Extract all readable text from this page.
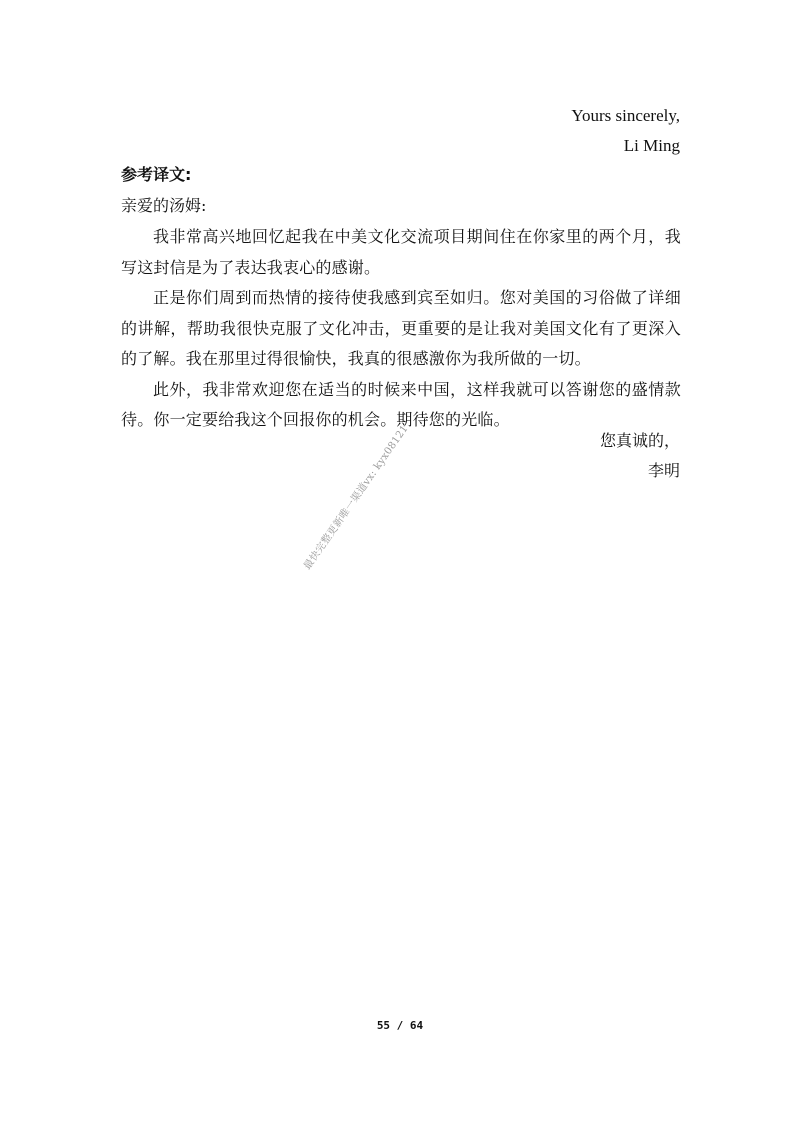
Yours sincerely,
Li Ming
参考译文:
亲爱的汤姆:

我非常高兴地回忆起我在中美文化交流项目期间住在你家里的两个月，我写这封信是为了表达我衷心的感谢。

正是你们周到而热情的接待使我感到宾至如归。您对美国的习俗做了详细的讲解，帮助我很快克服了文化冲击，更重要的是让我对美国文化有了更深入的了解。我在那里过得很愉快，我真的很感激你为我所做的一切。

此外，我非常欢迎您在适当的时候来中国，这样我就可以答谢您的盛情款待。你一定要给我这个回报你的机会。期待您的光临。

您真诚的，
李明
最快完整更新唯一渠道vx: kyx08121
55 / 64
